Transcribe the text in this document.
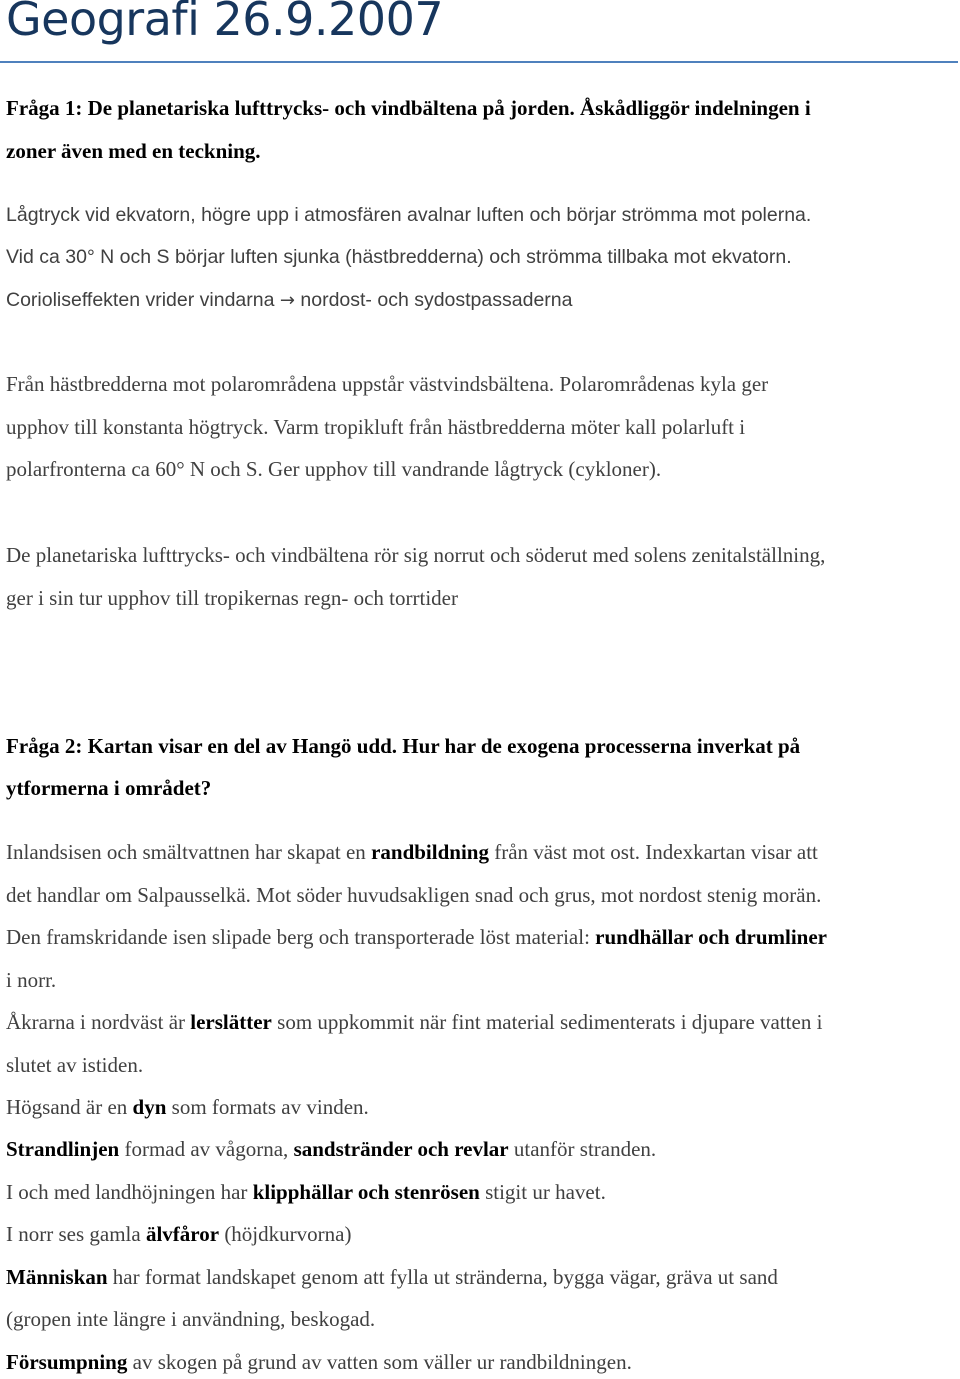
Geografi 26.9.2007

Fråga 1: De planetariska lufttrycks- och vindbältena på jorden. Åskådliggör indelningen i

zoner även med en teckning.

Lågtryck vid ekvatorn, högre upp i atmosfären avalnar luften och börjar strömma mot polerna.

Vid ca 30° N och S börjar luften sjunka (hästbredderna) och strömma tillbaka mot ekvatorn.

Corioliseffekten vrider vindarna → nordost- och sydostpassaderna

Från hästbredderna mot polarområdena uppstår västvindsbältena. Polarområdenas kyla ger

upphov till konstanta högtryck. Varm tropikluft från hästbredderna möter kall polarluft i

polarfronterna ca 60° N och S. Ger upphov till vandrande lågtryck (cykloner).

De planetariska lufttrycks- och vindbältena rör sig norrut och söderut med solens zenitalställning,

ger i sin tur upphov till tropikernas regn- och torrtider

Fråga 2: Kartan visar en del av Hangö udd. Hur har de exogena processerna inverkat på

ytformerna i området?

Inlandsisen och smältvattnen har skapat en randbildning från väst mot ost. Indexkartan visar att

det handlar om Salpausselkä. Mot söder huvudsakligen snad och grus, mot nordost stenig morän.

Den framskridande isen slipade berg och transporterade löst material: rundhällar och drumliner

i norr.

Åkrarna i nordväst är lerslätter som uppkommit när fint material sedimenterats i djupare vatten i

slutet av istiden.

Högsand är en dyn som formats av vinden.

Strandlinjen formad av vågorna, sandstränder och revlar utanför stranden.

I och med landhöjningen har klipphällar och stenrösen stigit ur havet.

I norr ses gamla älvfåror (höjdkurvorna)

Människan har format landskapet genom att fylla ut stränderna, bygga vägar, gräva ut sand

(gropen inte längre i användning, beskogad.

Försumpning av skogen på grund av vatten som väller ur randbildningen.
